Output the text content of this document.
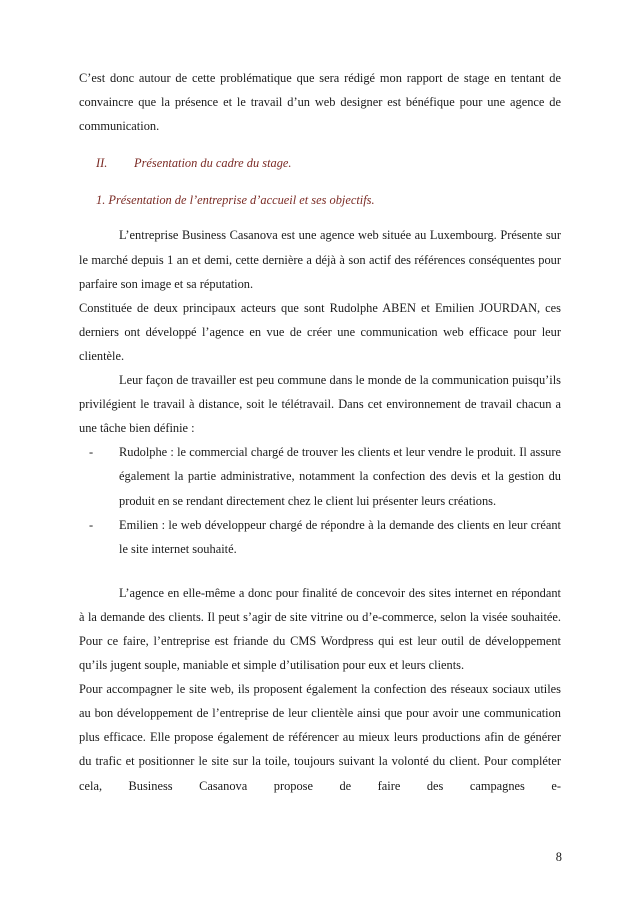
C’est donc autour de cette problématique que sera rédigé mon rapport de stage en tentant de convaincre que la présence et le travail d’un web designer est bénéfique pour une agence de communication.

II.	Présentation du cadre du stage.
1. Présentation de l’entreprise d’accueil et ses objectifs.

L’entreprise Business Casanova est une agence web située au Luxembourg. Présente sur le marché depuis 1 an et demi, cette dernière a déjà à son actif des références conséquentes pour parfaire son image et sa réputation.

Constituée de deux principaux acteurs que sont Rudolphe ABEN et Emilien JOURDAN, ces derniers ont développé l’agence en vue de créer une communication web efficace pour leur clientèle.

Leur façon de travailler est peu commune dans le monde de la communication puisqu’ils privilégient le travail à distance, soit le télétravail. Dans cet environnement de travail chacun a une tâche bien définie :

-	Rudolphe : le commercial chargé de trouver les clients et leur vendre le produit. Il assure également la partie administrative, notamment la confection des devis et la gestion du produit en se rendant directement chez le client lui présenter leurs créations.
-	Emilien : le web développeur chargé de répondre à la demande des clients en leur créant le site internet souhaité.

L’agence en elle-même a donc pour finalité de concevoir des sites internet en répondant à la demande des clients. Il peut s’agir de site vitrine ou d’e-commerce, selon la visée souhaitée. Pour ce faire, l’entreprise est friande du CMS Wordpress qui est leur outil de développement qu’ils jugent souple, maniable et simple d’utilisation pour eux et leurs clients.

Pour accompagner le site web, ils proposent également la confection des réseaux sociaux utiles au bon développement de l’entreprise de leur clientèle ainsi que pour avoir une communication plus efficace. Elle propose également de référencer au mieux leurs productions afin de générer du trafic et positionner le site sur la toile, toujours suivant la volonté du client. Pour compléter cela, Business Casanova propose de faire des campagnes e-

8
